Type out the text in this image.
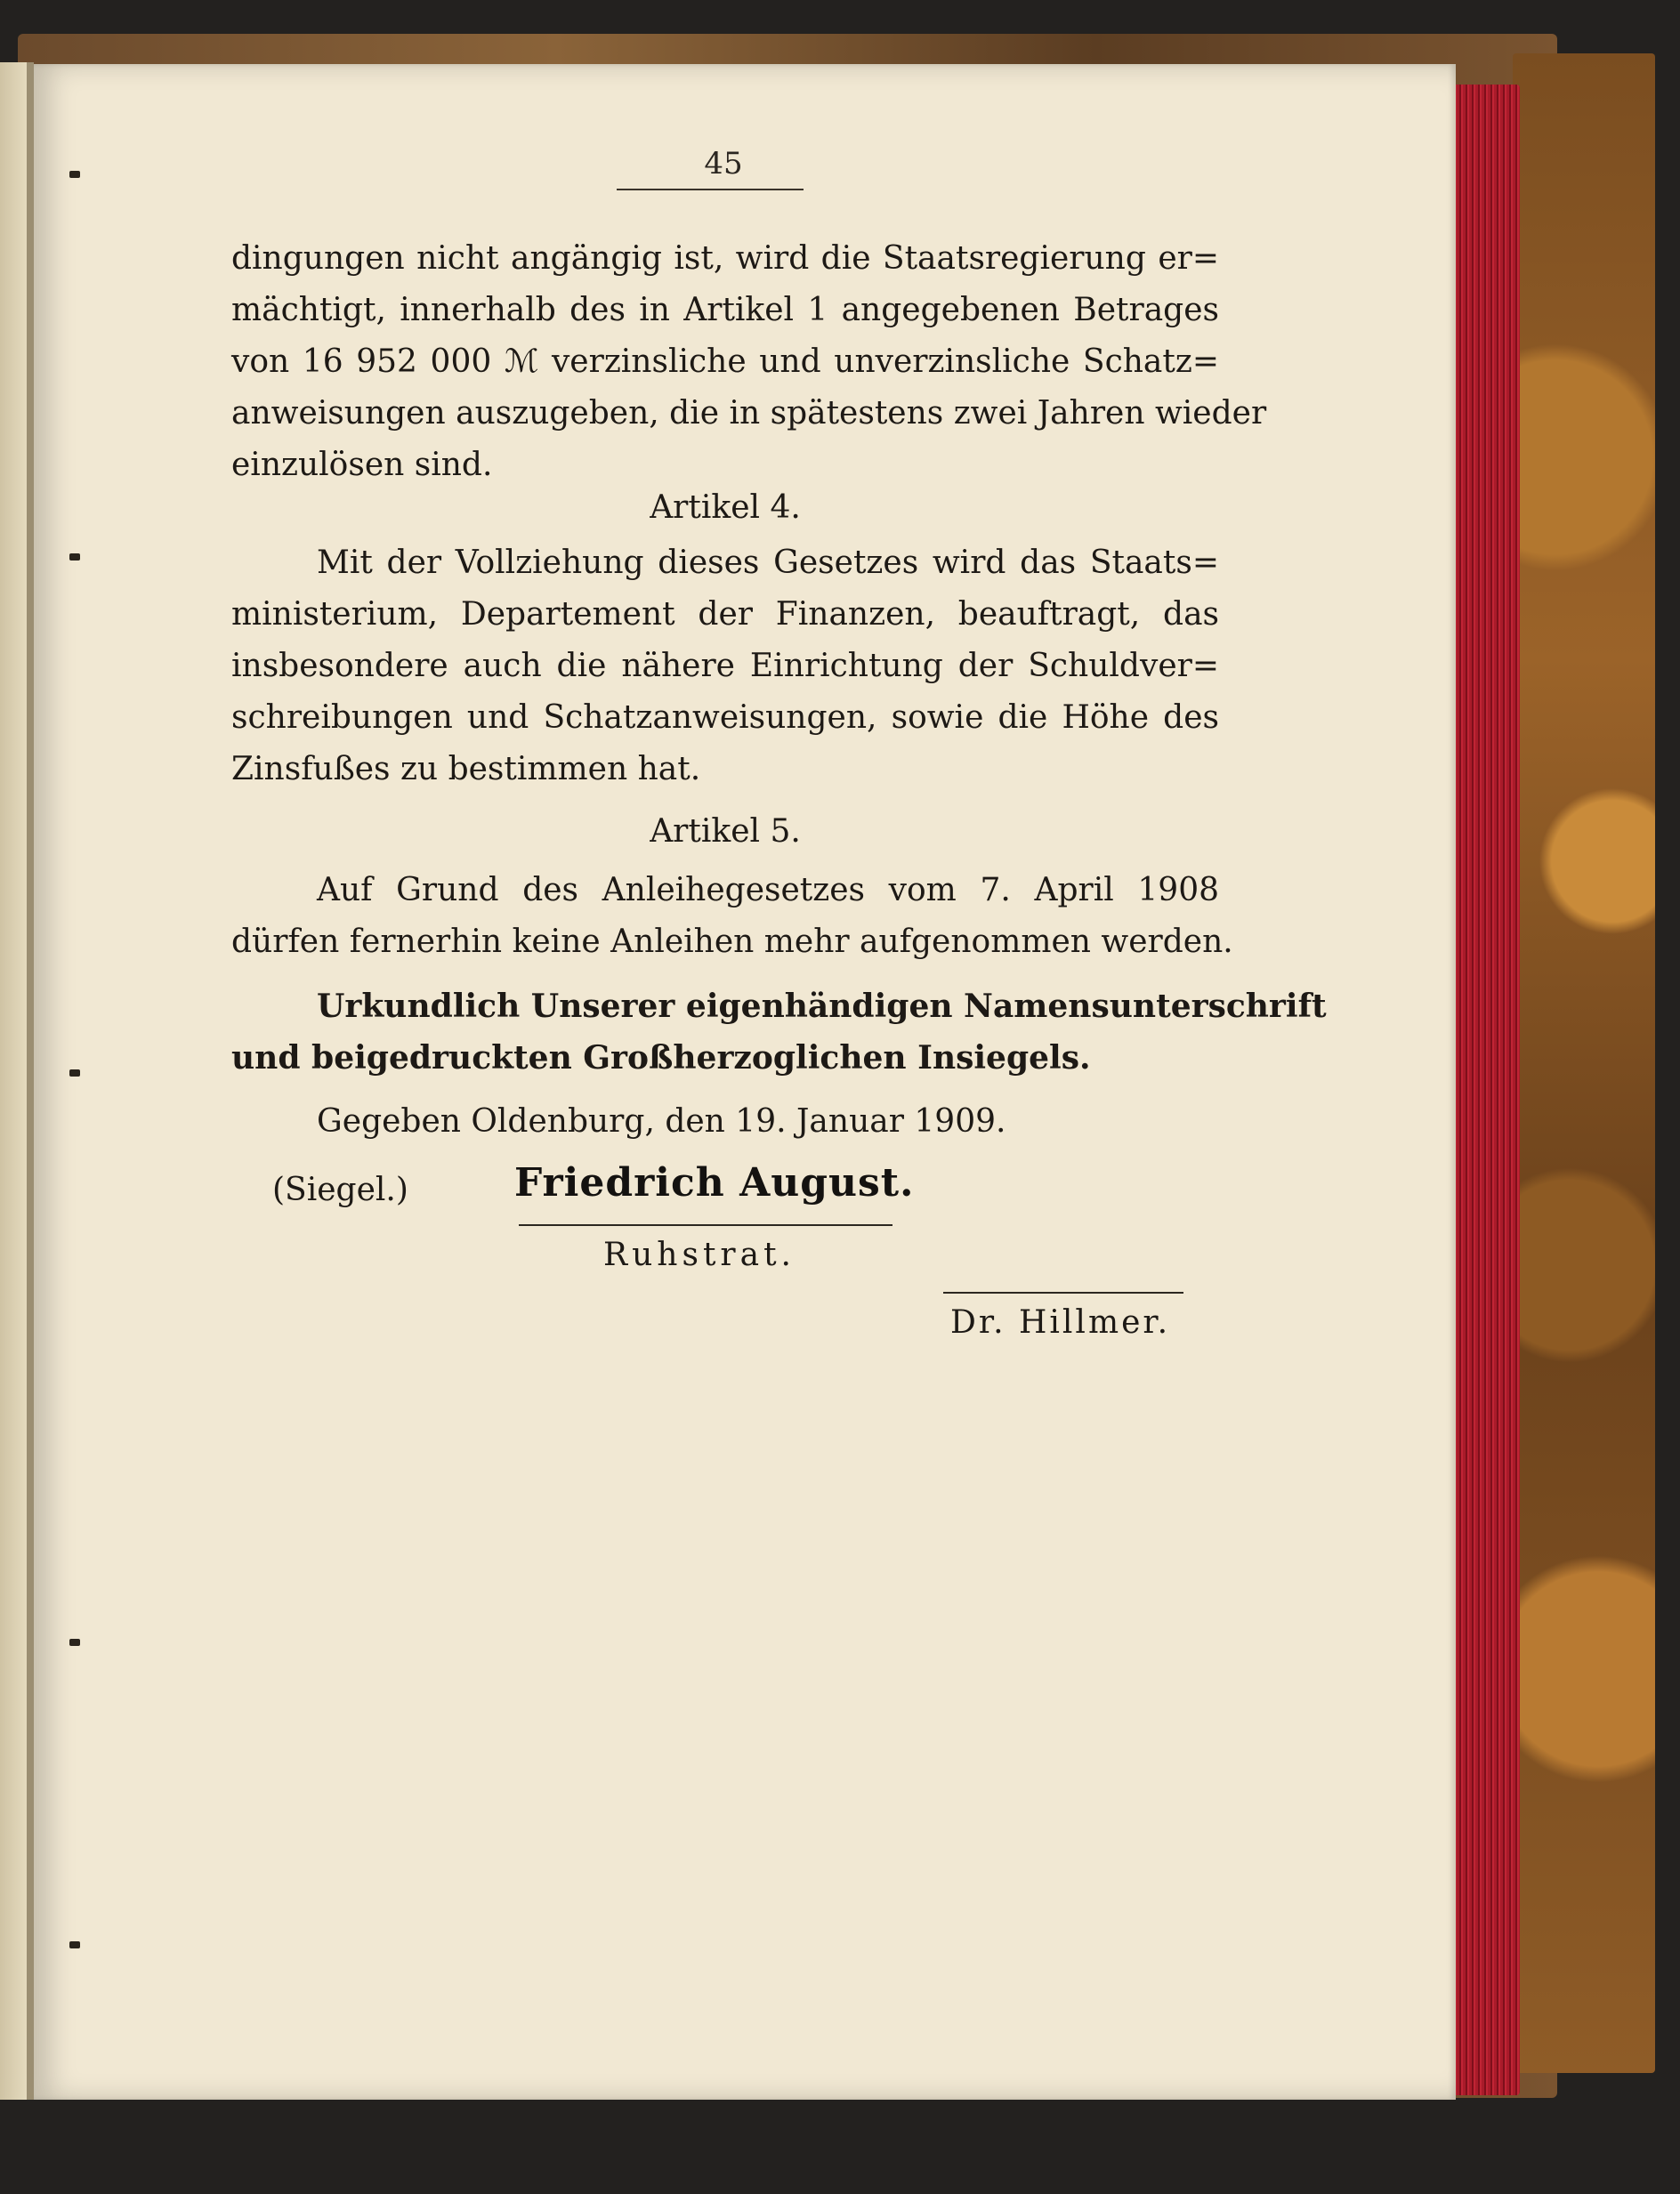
45
dingungen nicht angängig ist, wird die Staatsregierung er=
mächtigt, innerhalb des in Artikel 1 angegebenen Betrages
von 16 952 000 ℳ verzinsliche und unverzinsliche Schatz=
anweisungen auszugeben, die in spätestens zwei Jahren wieder
einzulösen sind.
Artikel 4.
Mit der Vollziehung dieses Gesetzes wird das Staats=
ministerium, Departement der Finanzen, beauftragt, das
insbesondere auch die nähere Einrichtung der Schuldver=
schreibungen und Schatzanweisungen, sowie die Höhe des
Zinsfußes zu bestimmen hat.
Artikel 5.
Auf Grund des Anleihegesetzes vom 7. April 1908
dürfen fernerhin keine Anleihen mehr aufgenommen werden.
Urkundlich Unserer eigenhändigen Namensunterschrift
und beigedruckten Großherzoglichen Insiegels.
Gegeben Oldenburg, den 19. Januar 1909.
(Siegel.)	Friedrich August.
Ruhstrat.
Dr. Hillmer.
